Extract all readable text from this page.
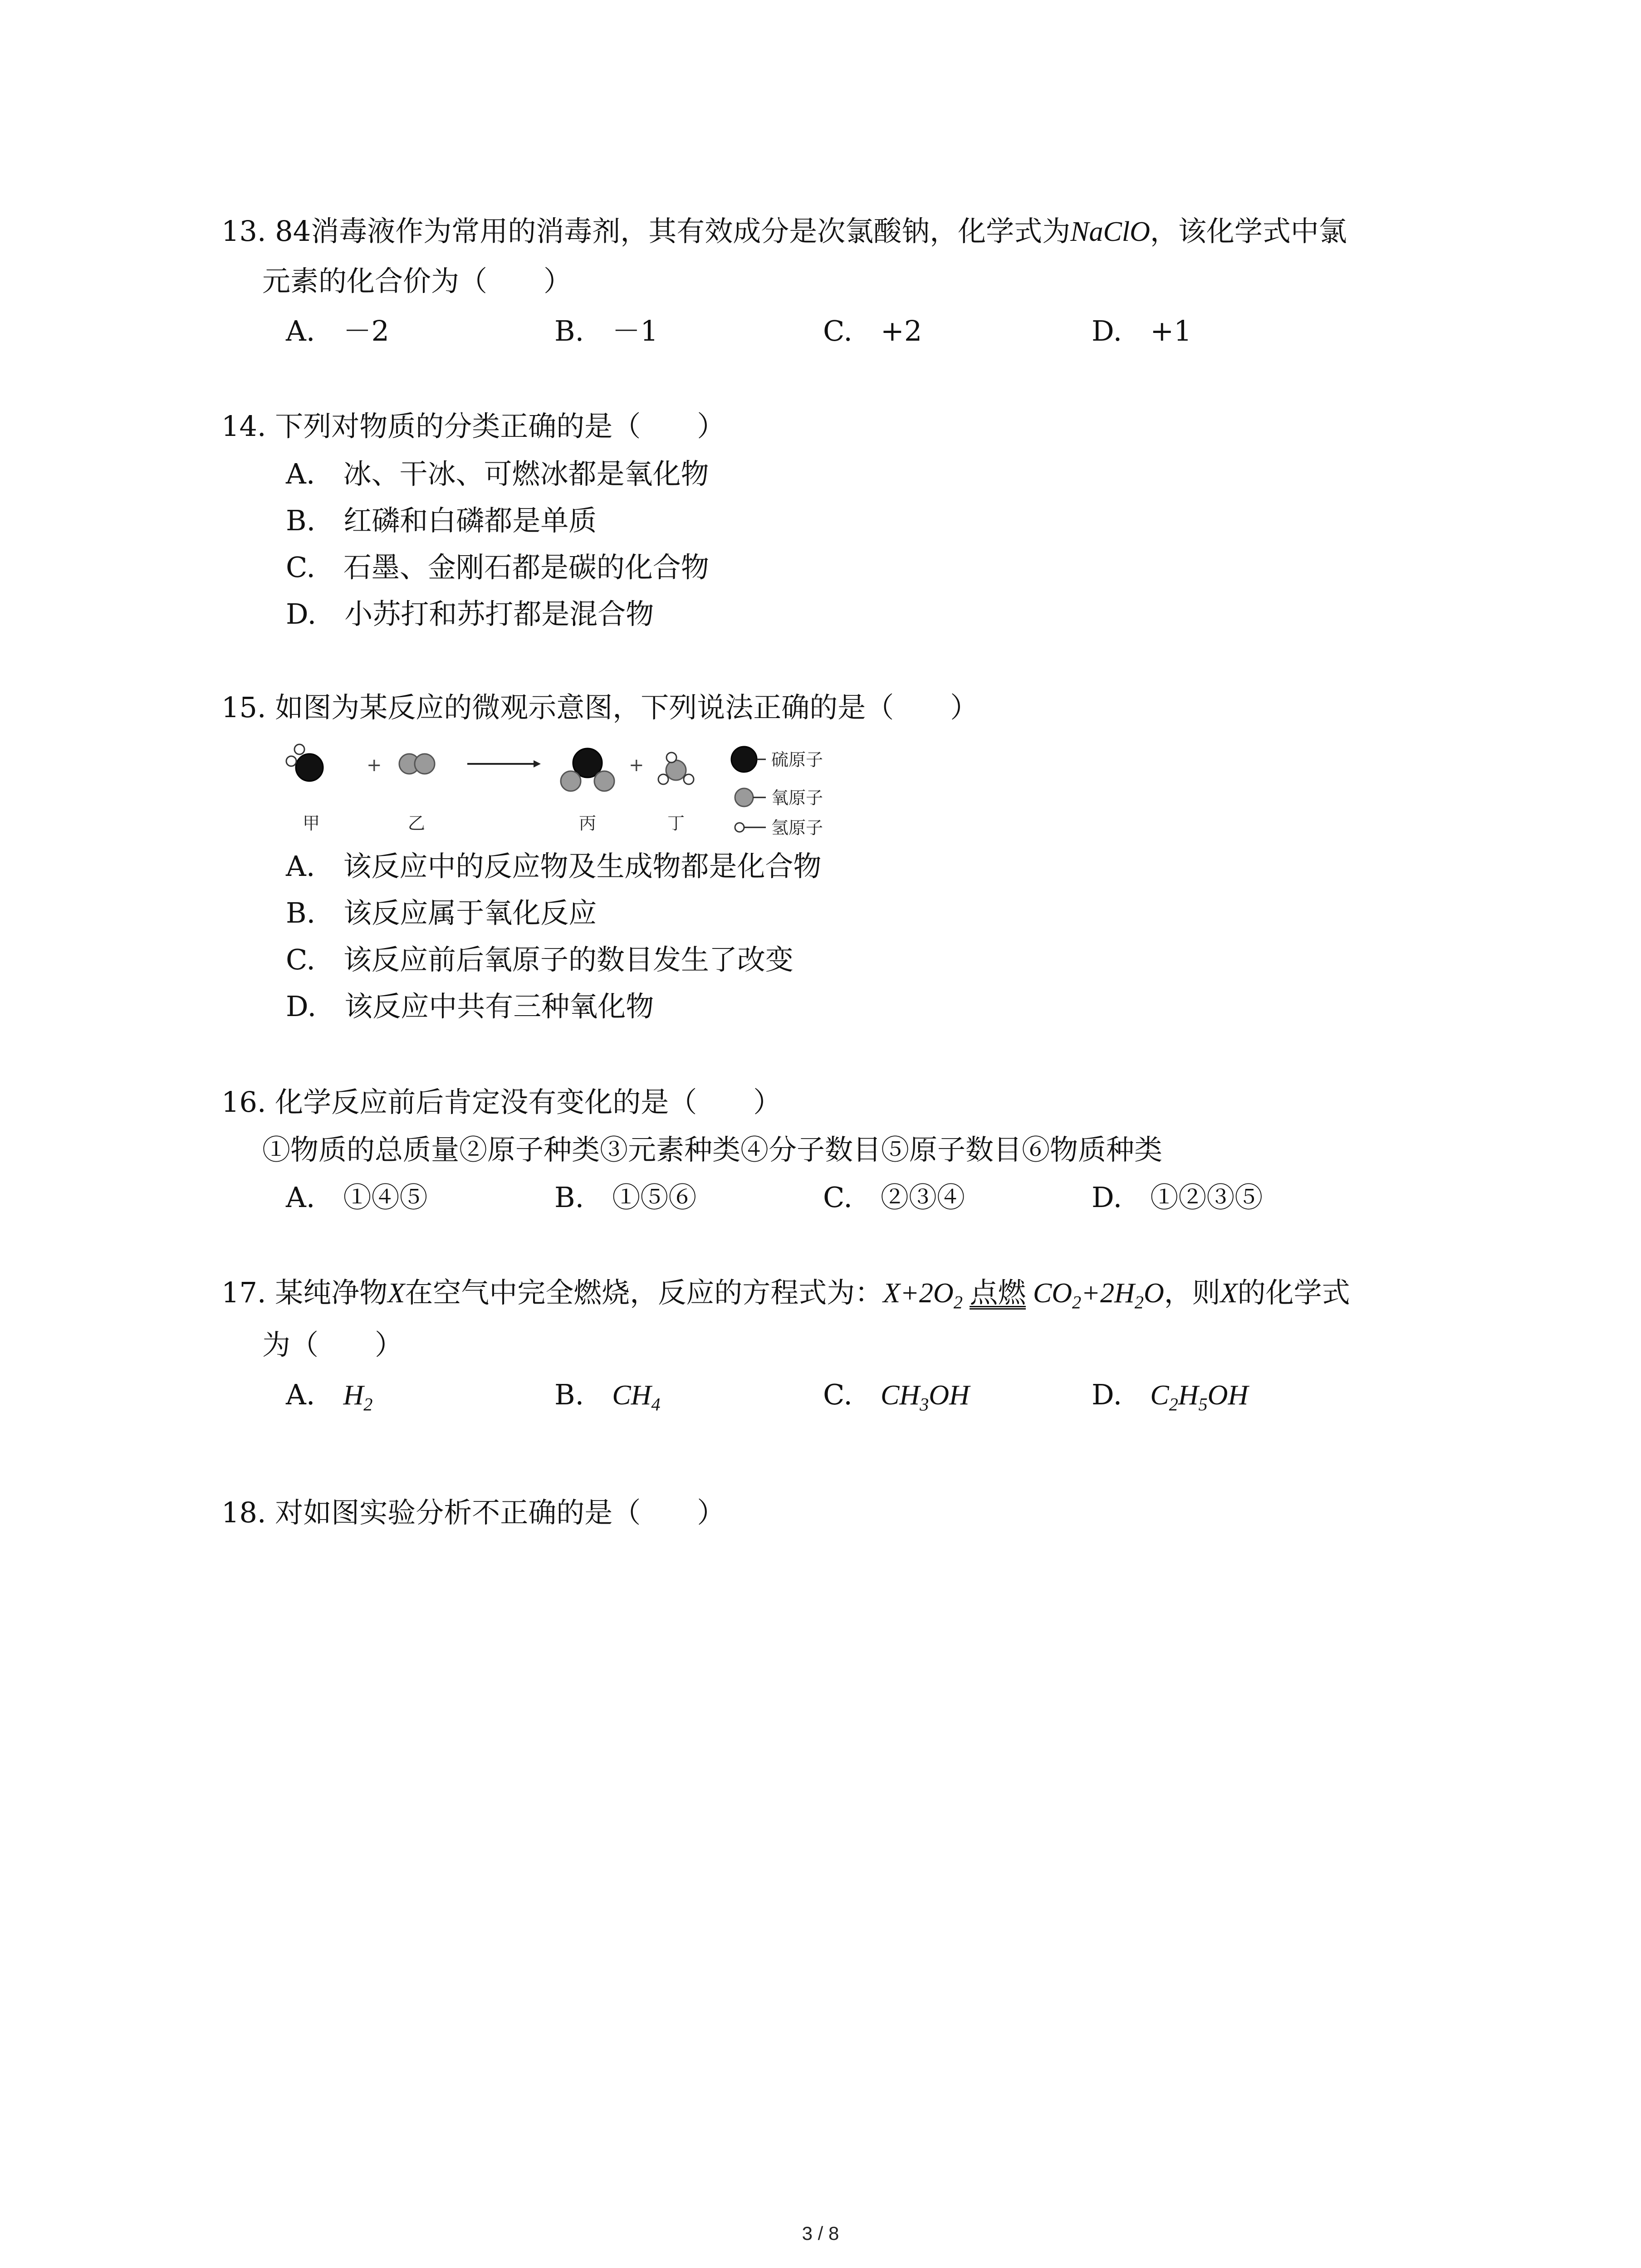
13. 84消毒液作为常用的消毒剂，其有效成分是次氯酸钠，化学式为NaClO，该化学式中氯
元素的化合价为（　　）
A.　－2	B.　－1	C.　+2	D.　+1
14. 下列对物质的分类正确的是（　　）
A.　冰、干冰、可燃冰都是氧化物
B.　红磷和白磷都是单质
C.　石墨、金刚石都是碳的化合物
D.　小苏打和苏打都是混合物
15. 如图为某反应的微观示意图，下列说法正确的是（　　）
+	+
甲	乙	丙	丁
硫原子
氧原子
氢原子
A.　该反应中的反应物及生成物都是化合物
B.　该反应属于氧化反应
C.　该反应前后氧原子的数目发生了改变
D.　该反应中共有三种氧化物
16. 化学反应前后肯定没有变化的是（　　）
①物质的总质量②原子种类③元素种类④分子数目⑤原子数目⑥物质种类
A.　①④⑤	B.　①⑤⑥	C.　②③④	D.　①②③⑤
17. 某纯净物X在空气中完全燃烧，反应的方程式为：$X+2O_2$ 点燃 $CO_2+2H_2O$，则X的化学式
为（　　）
A.　$H_2$	B.　$CH_4$	C.　$CH_3OH$	D.　$C_2H_5OH$
18. 对如图实验分析不正确的是（　　）
3 / 8
